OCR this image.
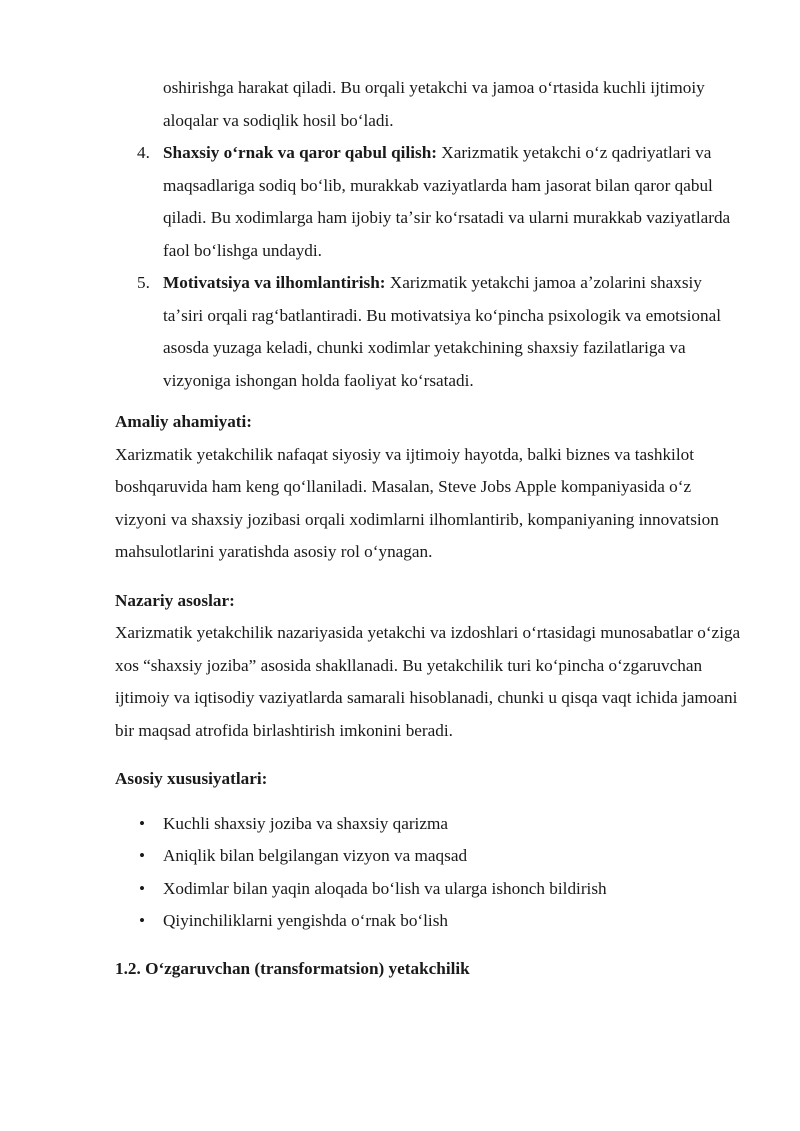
oshirishga harakat qiladi. Bu orqali yetakchi va jamoa oʻrtasida kuchli ijtimoiy aloqalar va sodiqlik hosil boʻladi.
4. Shaxsiy oʻrnak va qaror qabul qilish: Xarizmatik yetakchi oʻz qadriyatlari va maqsadlariga sodiq boʻlib, murakkab vaziyatlarda ham jasorat bilan qaror qabul qiladi. Bu xodimlarga ham ijobiy taʼsir koʻrsatadi va ularni murakkab vaziyatlarda faol boʻlishga undaydi.
5. Motivatsiya va ilhomlantirish: Xarizmatik yetakchi jamoa aʼzolarini shaxsiy taʼsiri orqali ragʻbatlantiradi. Bu motivatsiya koʻpincha psixologik va emotsional asosda yuzaga keladi, chunki xodimlar yetakchining shaxsiy fazilatlariga va vizyoniga ishongan holda faoliyat koʻrsatadi.
Amaliy ahamiyati:
Xarizmatik yetakchilik nafaqat siyosiy va ijtimoiy hayotda, balki biznes va tashkilot boshqaruvida ham keng qoʻllaniladi. Masalan, Steve Jobs Apple kompaniyasida oʻz vizyoni va shaxsiy jozibasi orqali xodimlarni ilhomlantirib, kompaniyaning innovatsion mahsulotlarini yaratishda asosiy rol oʻynagan.
Nazariy asoslar:
Xarizmatik yetakchilik nazariyasida yetakchi va izdoshlari oʻrtasidagi munosabatlar oʻziga xos “shaxsiy joziba” asosida shakllanadi. Bu yetakchilik turi koʻpincha oʻzgaruvchan ijtimoiy va iqtisodiy vaziyatlarda samarali hisoblanadi, chunki u qisqa vaqt ichida jamoani bir maqsad atrofida birlashtirish imkonini beradi.
Asosiy xususiyatlari:
• Kuchli shaxsiy joziba va shaxsiy qarizma
• Aniqlik bilan belgilangan vizyon va maqsad
• Xodimlar bilan yaqin aloqada boʻlish va ularga ishonch bildirish
• Qiyinchiliklarni yengishda oʻrnak boʻlish
1.2. Oʻzgaruvchan (transformatsion) yetakchilik
